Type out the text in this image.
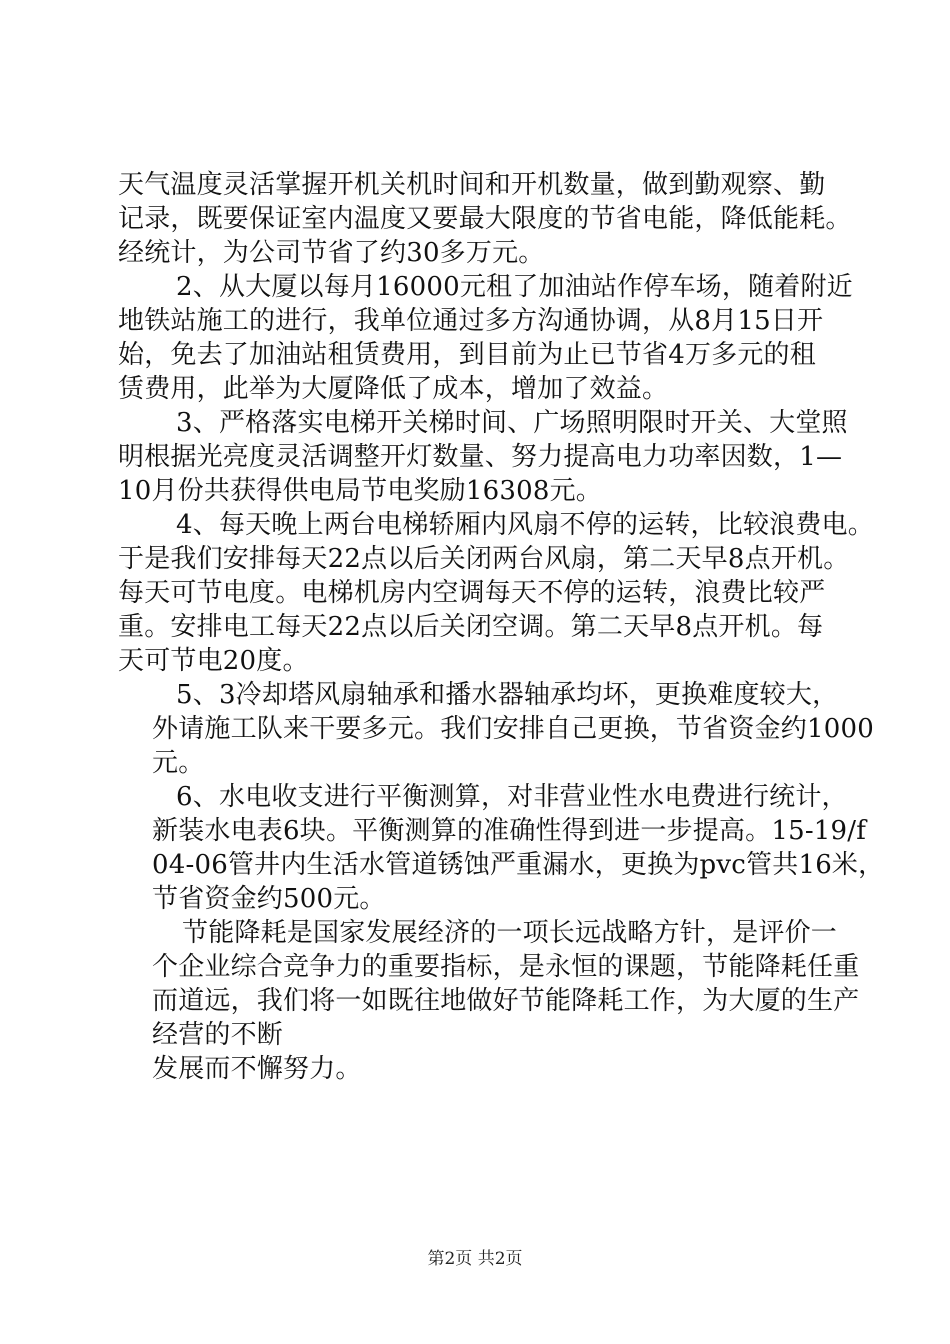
天气温度灵活掌握开机关机时间和开机数量，做到勤观察、勤
记录，既要保证室内温度又要最大限度的节省电能，降低能耗。
经统计，为公司节省了约30多万元。
2、从大厦以每月16000元租了加油站作停车场，随着附近
地铁站施工的进行，我单位通过多方沟通协调，从8月15日开
始，免去了加油站租赁费用，到目前为止已节省4万多元的租
赁费用，此举为大厦降低了成本，增加了效益。
3、严格落实电梯开关梯时间、广场照明限时开关、大堂照
明根据光亮度灵活调整开灯数量、努力提高电力功率因数，1—
10月份共获得供电局节电奖励16308元。
4、每天晚上两台电梯轿厢内风扇不停的运转，比较浪费电。
于是我们安排每天22点以后关闭两台风扇，第二天早8点开机。
每天可节电度。电梯机房内空调每天不停的运转，浪费比较严
重。安排电工每天22点以后关闭空调。第二天早8点开机。每
天可节电20度。
5、3冷却塔风扇轴承和播水器轴承均坏，更换难度较大，
外请施工队来干要多元。我们安排自己更换，节省资金约1000
元。
6、水电收支进行平衡测算，对非营业性水电费进行统计，
新装水电表6块。平衡测算的准确性得到进一步提高。15-19/f
04-06管井内生活水管道锈蚀严重漏水，更换为pvc管共16米，
节省资金约500元。
节能降耗是国家发展经济的一项长远战略方针，是评价一
个企业综合竞争力的重要指标，是永恒的课题，节能降耗任重
而道远，我们将一如既往地做好节能降耗工作，为大厦的生产
经营的不断
发展而不懈努力。
第2页 共2页
